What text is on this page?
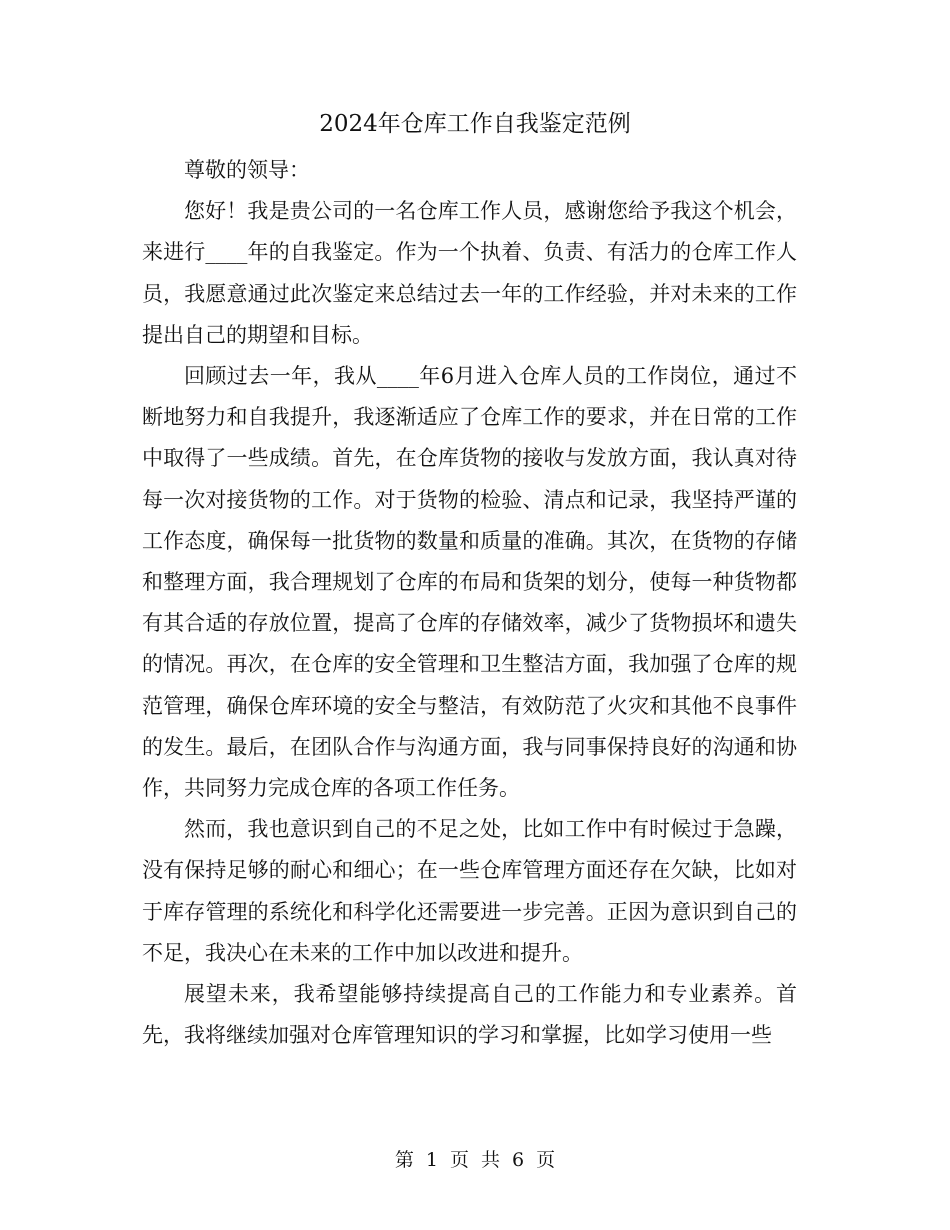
2024年仓库工作自我鉴定范例

尊敬的领导：

您好！我是贵公司的一名仓库工作人员，感谢您给予我这个机会，来进行____年的自我鉴定。作为一个执着、负责、有活力的仓库工作人员，我愿意通过此次鉴定来总结过去一年的工作经验，并对未来的工作提出自己的期望和目标。

回顾过去一年，我从____年6月进入仓库人员的工作岗位，通过不断地努力和自我提升，我逐渐适应了仓库工作的要求，并在日常的工作中取得了一些成绩。首先，在仓库货物的接收与发放方面，我认真对待每一次对接货物的工作。对于货物的检验、清点和记录，我坚持严谨的工作态度，确保每一批货物的数量和质量的准确。其次，在货物的存储和整理方面，我合理规划了仓库的布局和货架的划分，使每一种货物都有其合适的存放位置，提高了仓库的存储效率，减少了货物损坏和遗失的情况。再次，在仓库的安全管理和卫生整洁方面，我加强了仓库的规范管理，确保仓库环境的安全与整洁，有效防范了火灾和其他不良事件的发生。最后，在团队合作与沟通方面，我与同事保持良好的沟通和协作，共同努力完成仓库的各项工作任务。

然而，我也意识到自己的不足之处，比如工作中有时候过于急躁，没有保持足够的耐心和细心；在一些仓库管理方面还存在欠缺，比如对于库存管理的系统化和科学化还需要进一步完善。正因为意识到自己的不足，我决心在未来的工作中加以改进和提升。

展望未来，我希望能够持续提高自己的工作能力和专业素养。首先，我将继续加强对仓库管理知识的学习和掌握，比如学习使用一些

第 1 页 共 6 页
